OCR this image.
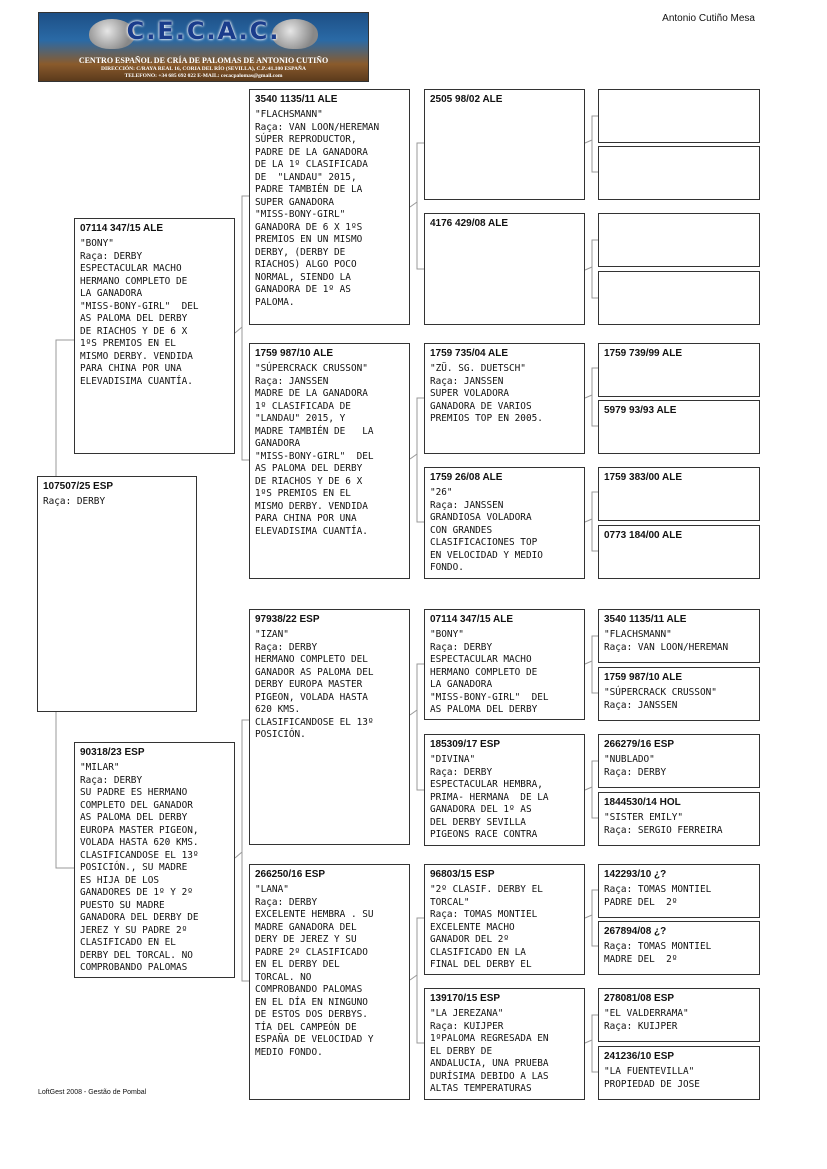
C.E.C.A.C.
CENTRO ESPAÑOL DE CRÍA DE PALOMAS DE ANTONIO CUTIÑO
DIRECCIÓN: C/RAYA REAL 16, CORIA DEL RÍO (SEVILLA), C.P.:41.100 ESPAÑA
TELEFONO: +34 685 692 022 E-MAIL: cecacpalomas@gmail.com
Antonio Cutiño Mesa
107507/25 ESP
Raça: DERBY
07114 347/15 ALE
"BONY"
Raça: DERBY
ESPECTACULAR MACHO
HERMANO COMPLETO DE
LA GANADORA
"MISS-BONY-GIRL"  DEL
AS PALOMA DEL DERBY
DE RIACHOS Y DE 6 X
1ºS PREMIOS EN EL
MISMO DERBY. VENDIDA
PARA CHINA POR UNA
ELEVADISIMA CUANTÍA.
90318/23 ESP
"MILAR"
Raça: DERBY
SU PADRE ES HERMANO
COMPLETO DEL GANADOR
AS PALOMA DEL DERBY
EUROPA MASTER PIGEON,
VOLADA HASTA 620 KMS.
CLASIFICANDOSE EL 13º
POSICIÓN., SU MADRE
ES HIJA DE LOS
GANADORES DE 1º Y 2º
PUESTO SU MADRE
GANADORA DEL DERBY DE
JEREZ Y SU PADRE 2º
CLASIFICADO EN EL
DERBY DEL TORCAL. NO
COMPROBANDO PALOMAS
3540 1135/11 ALE
"FLACHSMANN"
Raça: VAN LOON/HEREMAN
SÚPER REPRODUCTOR,
PADRE DE LA GANADORA
DE LA 1º CLASIFICADA
DE  "LANDAU" 2015,
PADRE TAMBIÉN DE LA
SUPER GANADORA
"MISS-BONY-GIRL"
GANADORA DE 6 X 1ºS
PREMIOS EN UN MISMO
DERBY, (DERBY DE
RIACHOS) ALGO POCO
NORMAL, SIENDO LA
GANADORA DE 1º AS
PALOMA.
1759 987/10 ALE
"SÚPERCRACK CRUSSON"
Raça: JANSSEN
MADRE DE LA GANADORA
1º CLASIFICADA DE
"LANDAU" 2015, Y
MADRE TAMBIÉN DE   LA
GANADORA
"MISS-BONY-GIRL"  DEL
AS PALOMA DEL DERBY
DE RIACHOS Y DE 6 X
1ºS PREMIOS EN EL
MISMO DERBY. VENDIDA
PARA CHINA POR UNA
ELEVADISIMA CUANTÍA.
97938/22 ESP
"IZAN"
Raça: DERBY
HERMANO COMPLETO DEL
GANADOR AS PALOMA DEL
DERBY EUROPA MASTER
PIGEON, VOLADA HASTA
620 KMS.
CLASIFICANDOSE EL 13º
POSICIÓN.
266250/16 ESP
"LANA"
Raça: DERBY
EXCELENTE HEMBRA . SU
MADRE GANADORA DEL
DERY DE JEREZ Y SU
PADRE 2º CLASIFICADO
EN EL DERBY DEL
TORCAL. NO
COMPROBANDO PALOMAS
EN EL DÍA EN NINGUNO
DE ESTOS DOS DERBYS.
TÍA DEL CAMPEÓN DE
ESPAÑA DE VELOCIDAD Y
MEDIO FONDO.
2505 98/02 ALE
4176 429/08 ALE
1759 735/04 ALE
"ZÜ. SG. DUETSCH"
Raça: JANSSEN
SUPER VOLADORA
GANADORA DE VARIOS
PREMIOS TOP EN 2005.
1759 26/08 ALE
"26"
Raça: JANSSEN
GRANDIOSA VOLADORA
CON GRANDES
CLASIFICACIONES TOP
EN VELOCIDAD Y MEDIO
FONDO.
07114 347/15 ALE
"BONY"
Raça: DERBY
ESPECTACULAR MACHO
HERMANO COMPLETO DE
LA GANADORA
"MISS-BONY-GIRL"  DEL
AS PALOMA DEL DERBY
185309/17 ESP
"DIVINA"
Raça: DERBY
ESPECTACULAR HEMBRA,
PRIMA- HERMANA  DE LA
GANADORA DEL 1º AS
DEL DERBY SEVILLA
PIGEONS RACE CONTRA
96803/15 ESP
"2º CLASIF. DERBY EL
TORCAL"
Raça: TOMAS MONTIEL
EXCELENTE MACHO
GANADOR DEL 2º
CLASIFICADO EN LA
FINAL DEL DERBY EL
139170/15 ESP
"LA JEREZANA"
Raça: KUIJPER
1ºPALOMA REGRESADA EN
EL DERBY DE
ANDALUCIA, UNA PRUEBA
DURÍSIMA DEBIDO A LAS
ALTAS TEMPERATURAS
1759 739/99 ALE
5979 93/93 ALE
1759 383/00 ALE
0773 184/00 ALE
3540 1135/11 ALE
"FLACHSMANN"
Raça: VAN LOON/HEREMAN
1759 987/10 ALE
"SÚPERCRACK CRUSSON"
Raça: JANSSEN
266279/16 ESP
"NUBLADO"
Raça: DERBY
1844530/14 HOL
"SISTER EMILY"
Raça: SERGIO FERREIRA
142293/10 ¿?
Raça: TOMAS MONTIEL
PADRE DEL  2º
267894/08 ¿?
Raça: TOMAS MONTIEL
MADRE DEL  2º
278081/08 ESP
"EL VALDERRAMA"
Raça: KUIJPER
241236/10 ESP
"LA FUENTEVILLA"
PROPIEDAD DE JOSE
LoftGest 2008 - Gestão de Pombal
